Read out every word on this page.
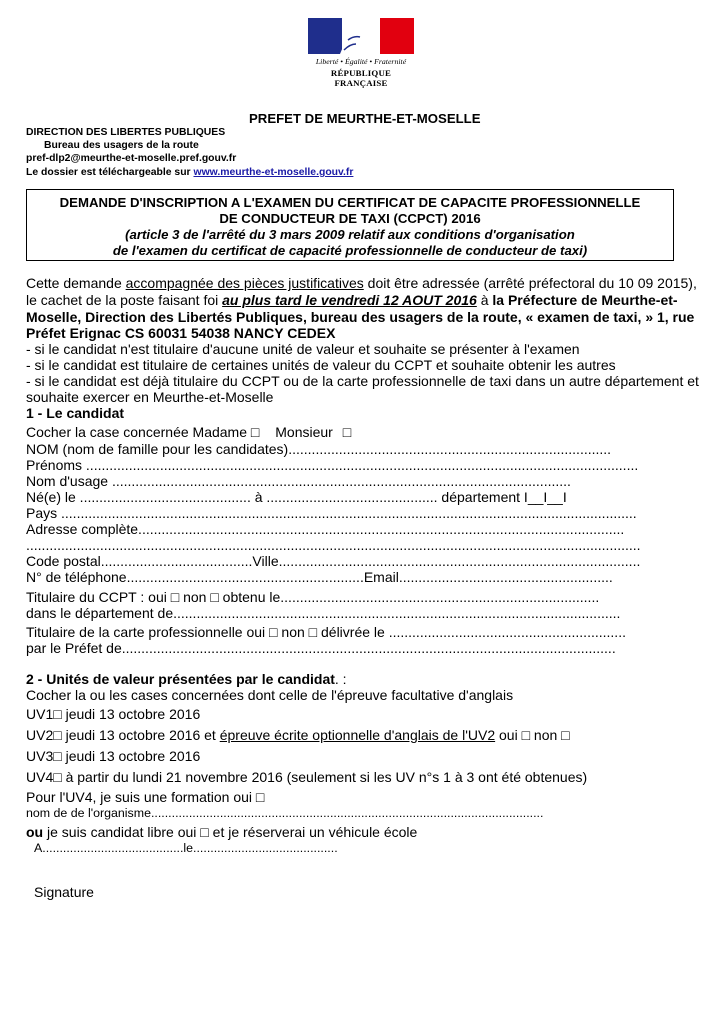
Liberté • Égalité • Fraternité
RÉPUBLIQUE FRANÇAISE
PREFET DE MEURTHE-ET-MOSELLE
DIRECTION DES LIBERTES PUBLIQUES
Bureau des usagers de la route
pref-dlp2@meurthe-et-moselle.pref.gouv.fr
Le dossier est téléchargeable sur www.meurthe-et-moselle.gouv.fr
DEMANDE D'INSCRIPTION A L'EXAMEN DU CERTIFICAT DE CAPACITE PROFESSIONNELLE
DE CONDUCTEUR DE TAXI (CCPCT) 2016
(article 3 de l'arrêté du 3 mars 2009 relatif aux conditions d'organisation
de l'examen du certificat de capacité professionnelle de conducteur de taxi)
Cette demande accompagnée des pièces justificatives doit être adressée (arrêté préfectoral du 10 09 2015),
le cachet de la poste faisant foi au plus tard le vendredi 12 AOUT 2016 à la Préfecture de Meurthe-et-
Moselle, Direction des Libertés Publiques, bureau des usagers de la route, « examen de taxi, » 1, rue
Préfet Erignac CS 60031 54038 NANCY CEDEX
- si le candidat n'est titulaire d'aucune unité de valeur et souhaite se présenter à l'examen
- si le candidat est titulaire de certaines unités de valeur du CCPT et souhaite obtenir les autres
- si le candidat est déjà titulaire du CCPT ou de la carte professionnelle de taxi dans un autre département et
souhaite exercer en Meurthe-et-Moselle
1 - Le candidat
Cocher la case concernée Madame □ Monsieur □
NOM (nom de famille pour les candidates)...................................................................................
Prénoms ..............................................................................................................................................
Nom d'usage ......................................................................................................................
Né(e) le ............................................ à ............................................ département I__I__I
Pays ....................................................................................................................................................
Adresse complète.............................................................................................................................
..............................................................................................................................................................
Code postal.......................................Ville.............................................................................................
N° de téléphone.............................................................Email.......................................................
Titulaire du CCPT : oui □ non □ obtenu le..................................................................................
dans le département de...................................................................................................................
Titulaire de la carte professionnelle oui □ non □ délivrée le .............................................................
par le Préfet de...............................................................................................................................
2 - Unités de valeur présentées par le candidat. :
Cocher la ou les cases concernées dont celle de l'épreuve facultative d'anglais
UV1□ jeudi 13 octobre 2016
UV2□ jeudi 13 octobre 2016 et épreuve écrite optionnelle d'anglais de l'UV2 oui □ non □
UV3□ jeudi 13 octobre 2016
UV4□ à partir du lundi 21 novembre 2016 (seulement si les UV n°s 1 à 3 ont été obtenues)
Pour l'UV4, je suis une formation oui □
nom de de l'organisme..................................................................................................................
ou je suis candidat libre oui □ et je réserverai un véhicule école
A.........................................le..........................................
Signature
